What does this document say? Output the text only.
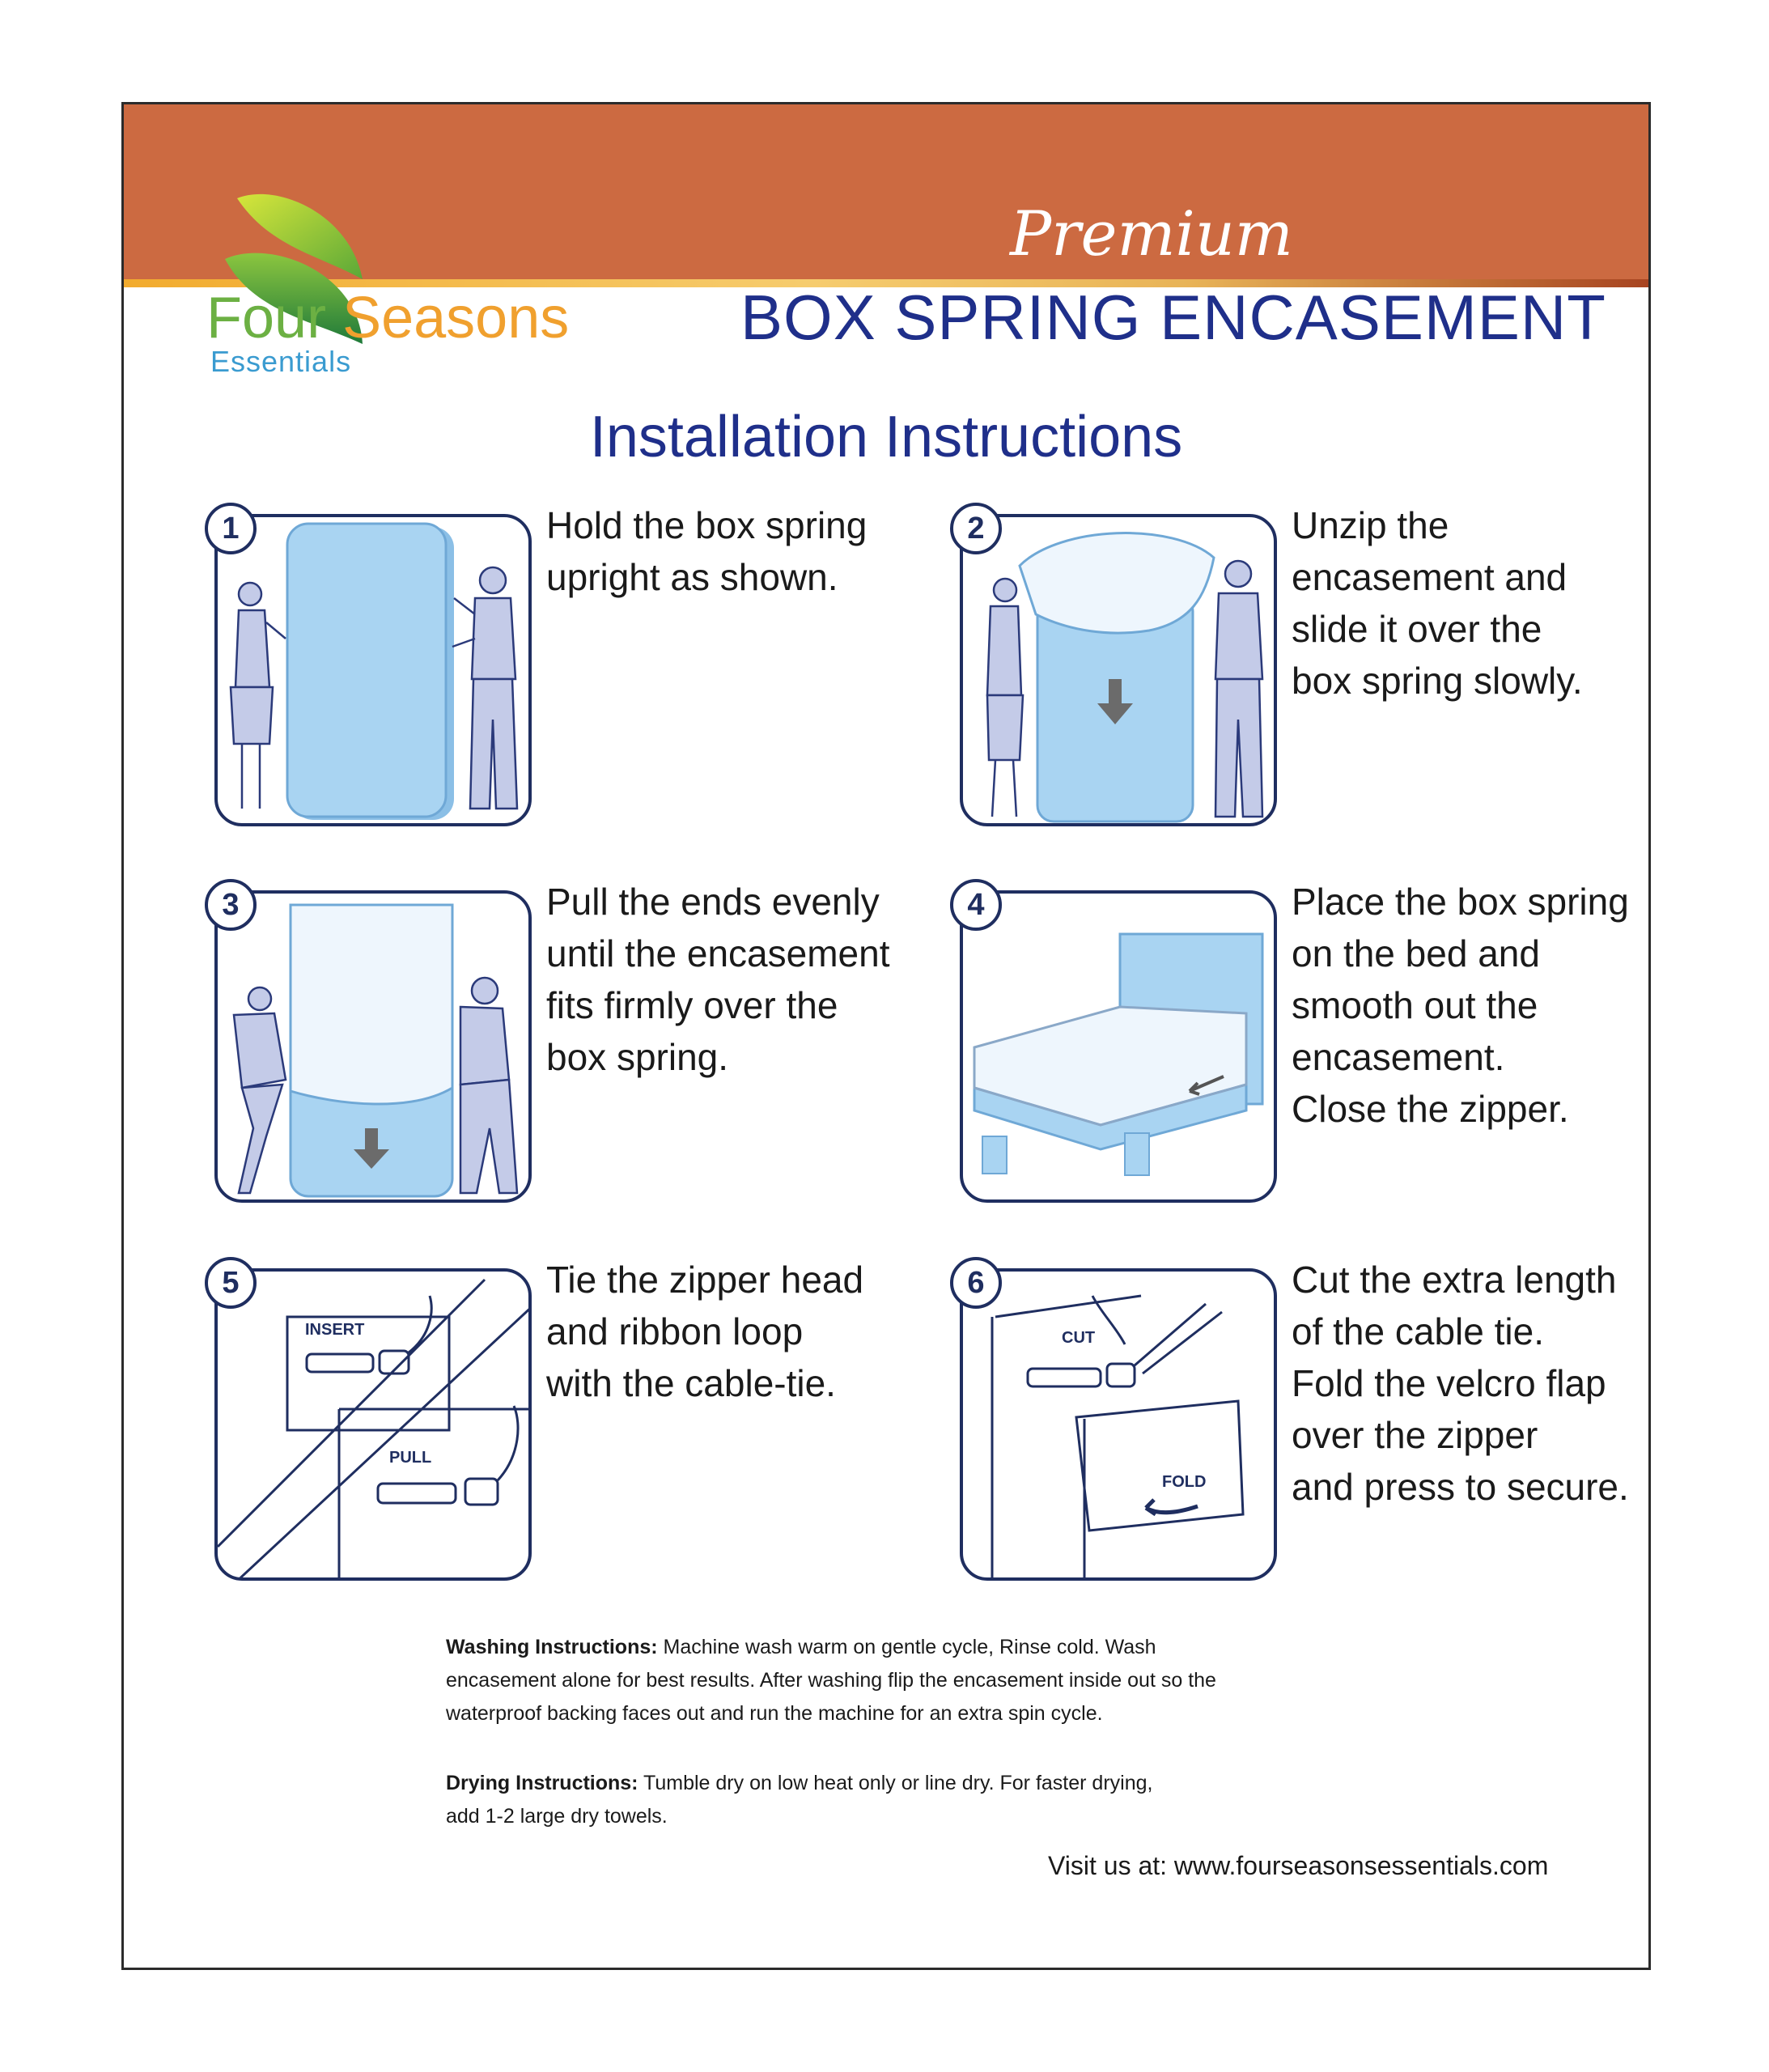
Four Seasons
Essentials
Premium
BOX SPRING ENCASEMENT
Installation Instructions
1	Hold the box spring
upright as shown.
2	Unzip the
encasement and
slide it over the
box spring slowly.
3	Pull the ends evenly
until the encasement
fits firmly over the
box spring.
4	Place the box spring
on the bed and
smooth out the
encasement.
Close the zipper.
INSERT
PULL
5	Tie the zipper head
and ribbon loop
with the cable-tie.
CUT
FOLD
6	Cut the extra length
of the cable tie.
Fold the velcro flap
over the zipper
and press to secure.
Washing Instructions: Machine wash warm on gentle cycle, Rinse cold. Wash encasement alone for best results. After washing flip the encasement inside out so the waterproof backing faces out and run the machine for an extra spin cycle.
Drying Instructions: Tumble dry on low heat only or line dry. For faster drying, add 1-2 large dry towels.
Visit us at: www.fourseasonsessentials.com
